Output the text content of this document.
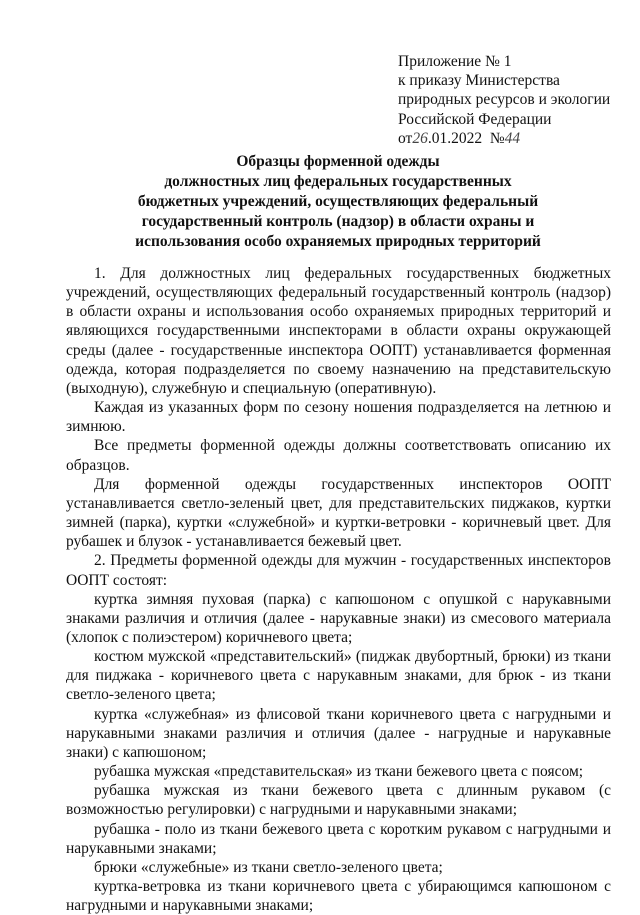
Приложение № 1
к приказу Министерства
природных ресурсов и экологии
Российской Федерации
от26.01.2022 №44
Образцы форменной одежды
должностных лиц федеральных государственных
бюджетных учреждений, осуществляющих федеральный
государственный контроль (надзор) в области охраны и
использования особо охраняемых природных территорий

1. Для должностных лиц федеральных государственных бюджетных учреждений, осуществляющих федеральный государственный контроль (надзор) в области охраны и использования особо охраняемых природных территорий и являющихся государственными инспекторами в области охраны окружающей среды (далее - государственные инспектора ООПТ) устанавливается форменная одежда, которая подразделяется по своему назначению на представительскую (выходную), служебную и специальную (оперативную).

Каждая из указанных форм по сезону ношения подразделяется на летнюю и зимнюю.

Все предметы форменной одежды должны соответствовать описанию их образцов.

Для форменной одежды государственных инспекторов ООПТ устанавливается светло-зеленый цвет, для представительских пиджаков, куртки зимней (парка), куртки «служебной» и куртки-ветровки - коричневый цвет. Для рубашек и блузок - устанавливается бежевый цвет.

2. Предметы форменной одежды для мужчин - государственных инспекторов ООПТ состоят:

куртка зимняя пуховая (парка) с капюшоном с опушкой с нарукавными знаками различия и отличия (далее - нарукавные знаки) из смесового материала (хлопок с полиэстером) коричневого цвета;

костюм мужской «представительский» (пиджак двубортный, брюки) из ткани для пиджака - коричневого цвета с нарукавным знаками, для брюк - из ткани светло-зеленого цвета;

куртка «служебная» из флисовой ткани коричневого цвета с нагрудными и нарукавными знаками различия и отличия (далее - нагрудные и нарукавные знаки) с капюшоном;

рубашка мужская «представительская» из ткани бежевого цвета с поясом;

рубашка мужская из ткани бежевого цвета с длинным рукавом (с возможностью регулировки) с нагрудными и нарукавными знаками;

рубашка - поло из ткани бежевого цвета с коротким рукавом с нагрудными и нарукавными знаками;

брюки «служебные» из ткани светло-зеленого цвета;

куртка-ветровка из ткани коричневого цвета с убирающимся капюшоном с нагрудными и нарукавными знаками;
